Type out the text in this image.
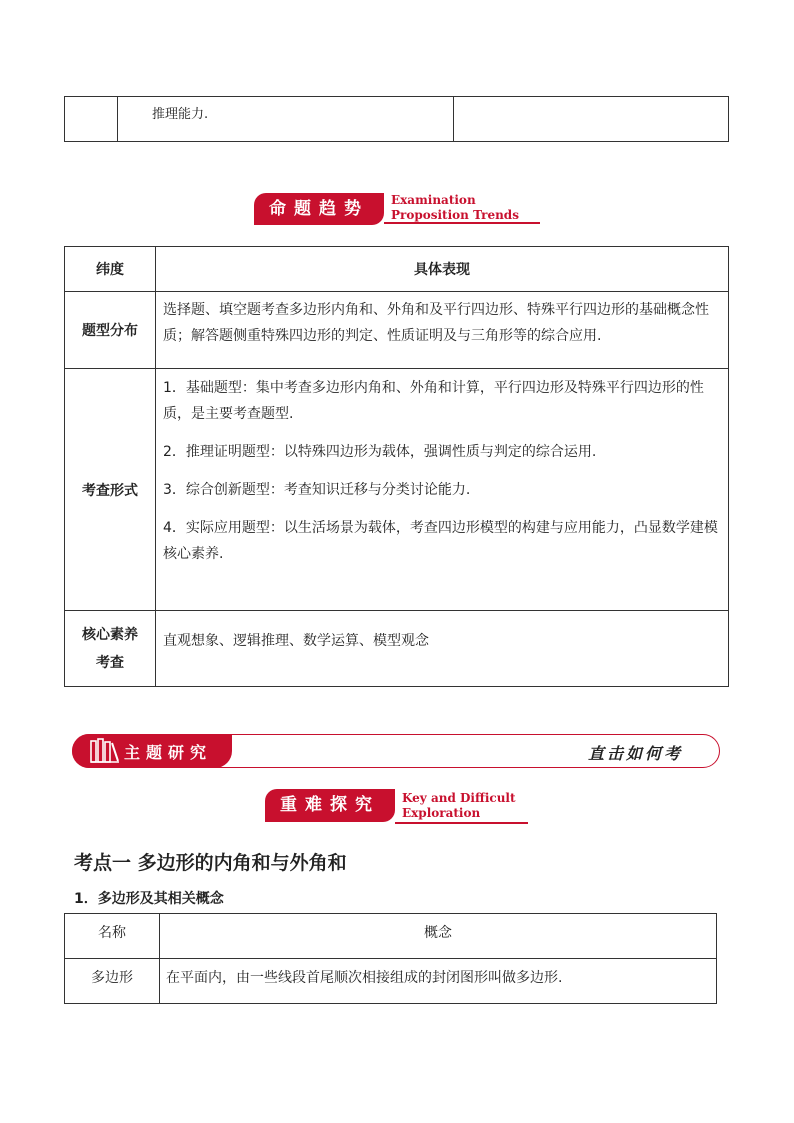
	推理能力.	
命题趋势	Examination
Proposition Trends
纬度	具体表现
题型分布	选择题、填空题考查多边形内角和、外角和及平行四边形、特殊平行四边形的基础概念性质；解答题侧重特殊四边形的判定、性质证明及与三角形等的综合应用.
考查形式	1．基础题型：集中考查多边形内角和、外角和计算，平行四边形及特殊平行四边形的性质，是主要考查题型.
2．推理证明题型：以特殊四边形为载体，强调性质与判定的综合运用.
3．综合创新题型：考查知识迁移与分类讨论能力.
4．实际应用题型：以生活场景为载体，考查四边形模型的构建与应用能力，凸显数学建模核心素养.

核心素养
考查	直观想象、逻辑推理、数学运算、模型观念
主题研究	直击如何考
重难探究	Key and Difficult
Exploration
考点一 多边形的内角和与外角和
1．多边形及其相关概念
名称	概念
多边形	在平面内，由一些线段首尾顺次相接组成的封闭图形叫做多边形.
